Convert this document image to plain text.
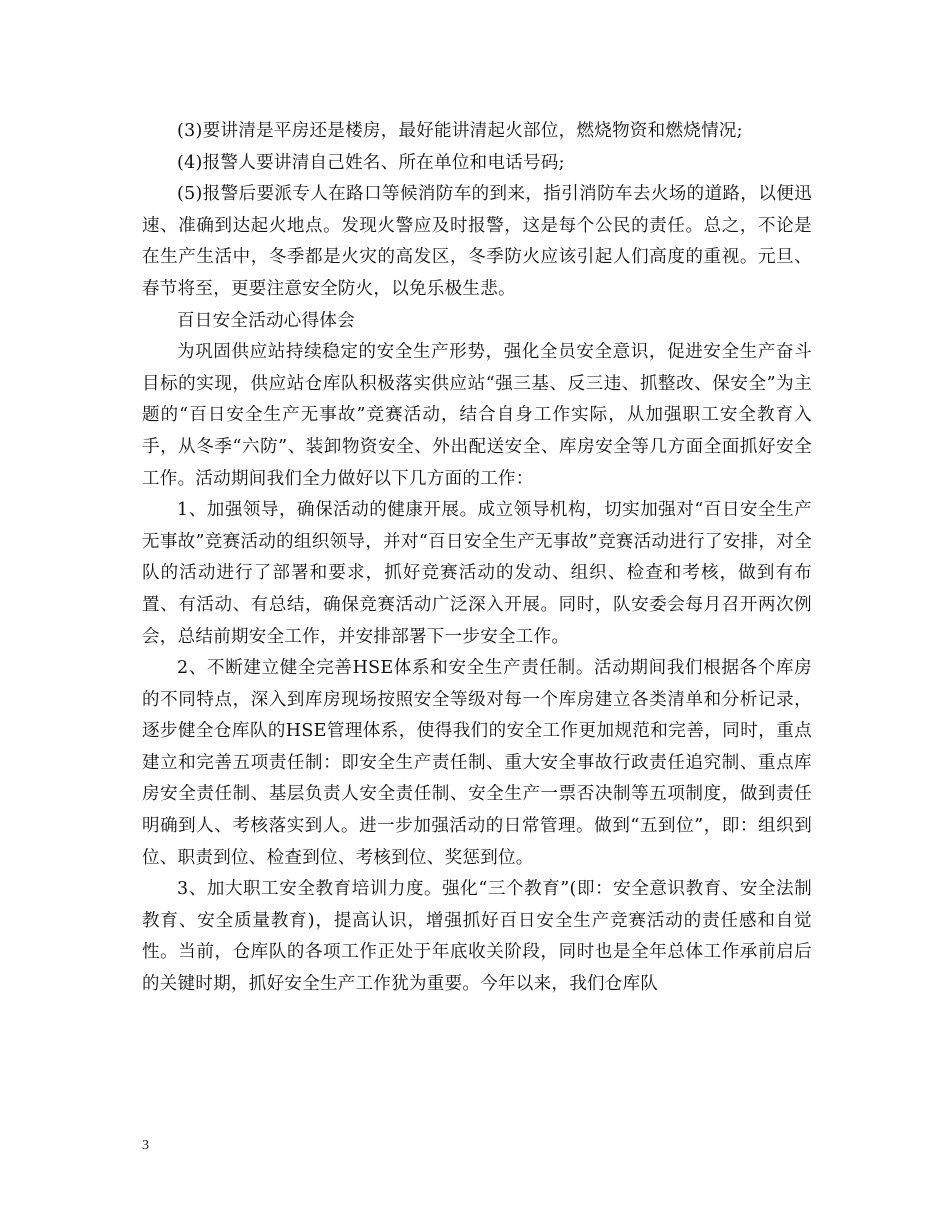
(3)要讲清是平房还是楼房，最好能讲清起火部位，燃烧物资和燃烧情况;

(4)报警人要讲清自己姓名、所在单位和电话号码;

(5)报警后要派专人在路口等候消防车的到来，指引消防车去火场的道路，以便迅速、准确到达起火地点。发现火警应及时报警，这是每个公民的责任。总之，不论是在生产生活中，冬季都是火灾的高发区，冬季防火应该引起人们高度的重视。元旦、春节将至，更要注意安全防火，以免乐极生悲。

百日安全活动心得体会

为巩固供应站持续稳定的安全生产形势，强化全员安全意识，促进安全生产奋斗目标的实现，供应站仓库队积极落实供应站“强三基、反三违、抓整改、保安全”为主题的“百日安全生产无事故”竞赛活动，结合自身工作实际，从加强职工安全教育入手，从冬季“六防”、装卸物资安全、外出配送安全、库房安全等几方面全面抓好安全工作。活动期间我们全力做好以下几方面的工作：

1、加强领导，确保活动的健康开展。成立领导机构，切实加强对“百日安全生产无事故”竞赛活动的组织领导，并对“百日安全生产无事故”竞赛活动进行了安排，对全队的活动进行了部署和要求，抓好竞赛活动的发动、组织、检查和考核，做到有布置、有活动、有总结，确保竞赛活动广泛深入开展。同时，队安委会每月召开两次例会，总结前期安全工作，并安排部署下一步安全工作。

2、不断建立健全完善HSE体系和安全生产责任制。活动期间我们根据各个库房的不同特点，深入到库房现场按照安全等级对每一个库房建立各类清单和分析记录，逐步健全仓库队的HSE管理体系，使得我们的安全工作更加规范和完善，同时，重点建立和完善五项责任制：即安全生产责任制、重大安全事故行政责任追究制、重点库房安全责任制、基层负责人安全责任制、安全生产一票否决制等五项制度，做到责任明确到人、考核落实到人。进一步加强活动的日常管理。做到“五到位”，即：组织到位、职责到位、检查到位、考核到位、奖惩到位。

3、加大职工安全教育培训力度。强化“三个教育”(即：安全意识教育、安全法制教育、安全质量教育)，提高认识，增强抓好百日安全生产竞赛活动的责任感和自觉性。当前，仓库队的各项工作正处于年底收关阶段，同时也是全年总体工作承前启后的关键时期，抓好安全生产工作犹为重要。今年以来，我们仓库队

3
